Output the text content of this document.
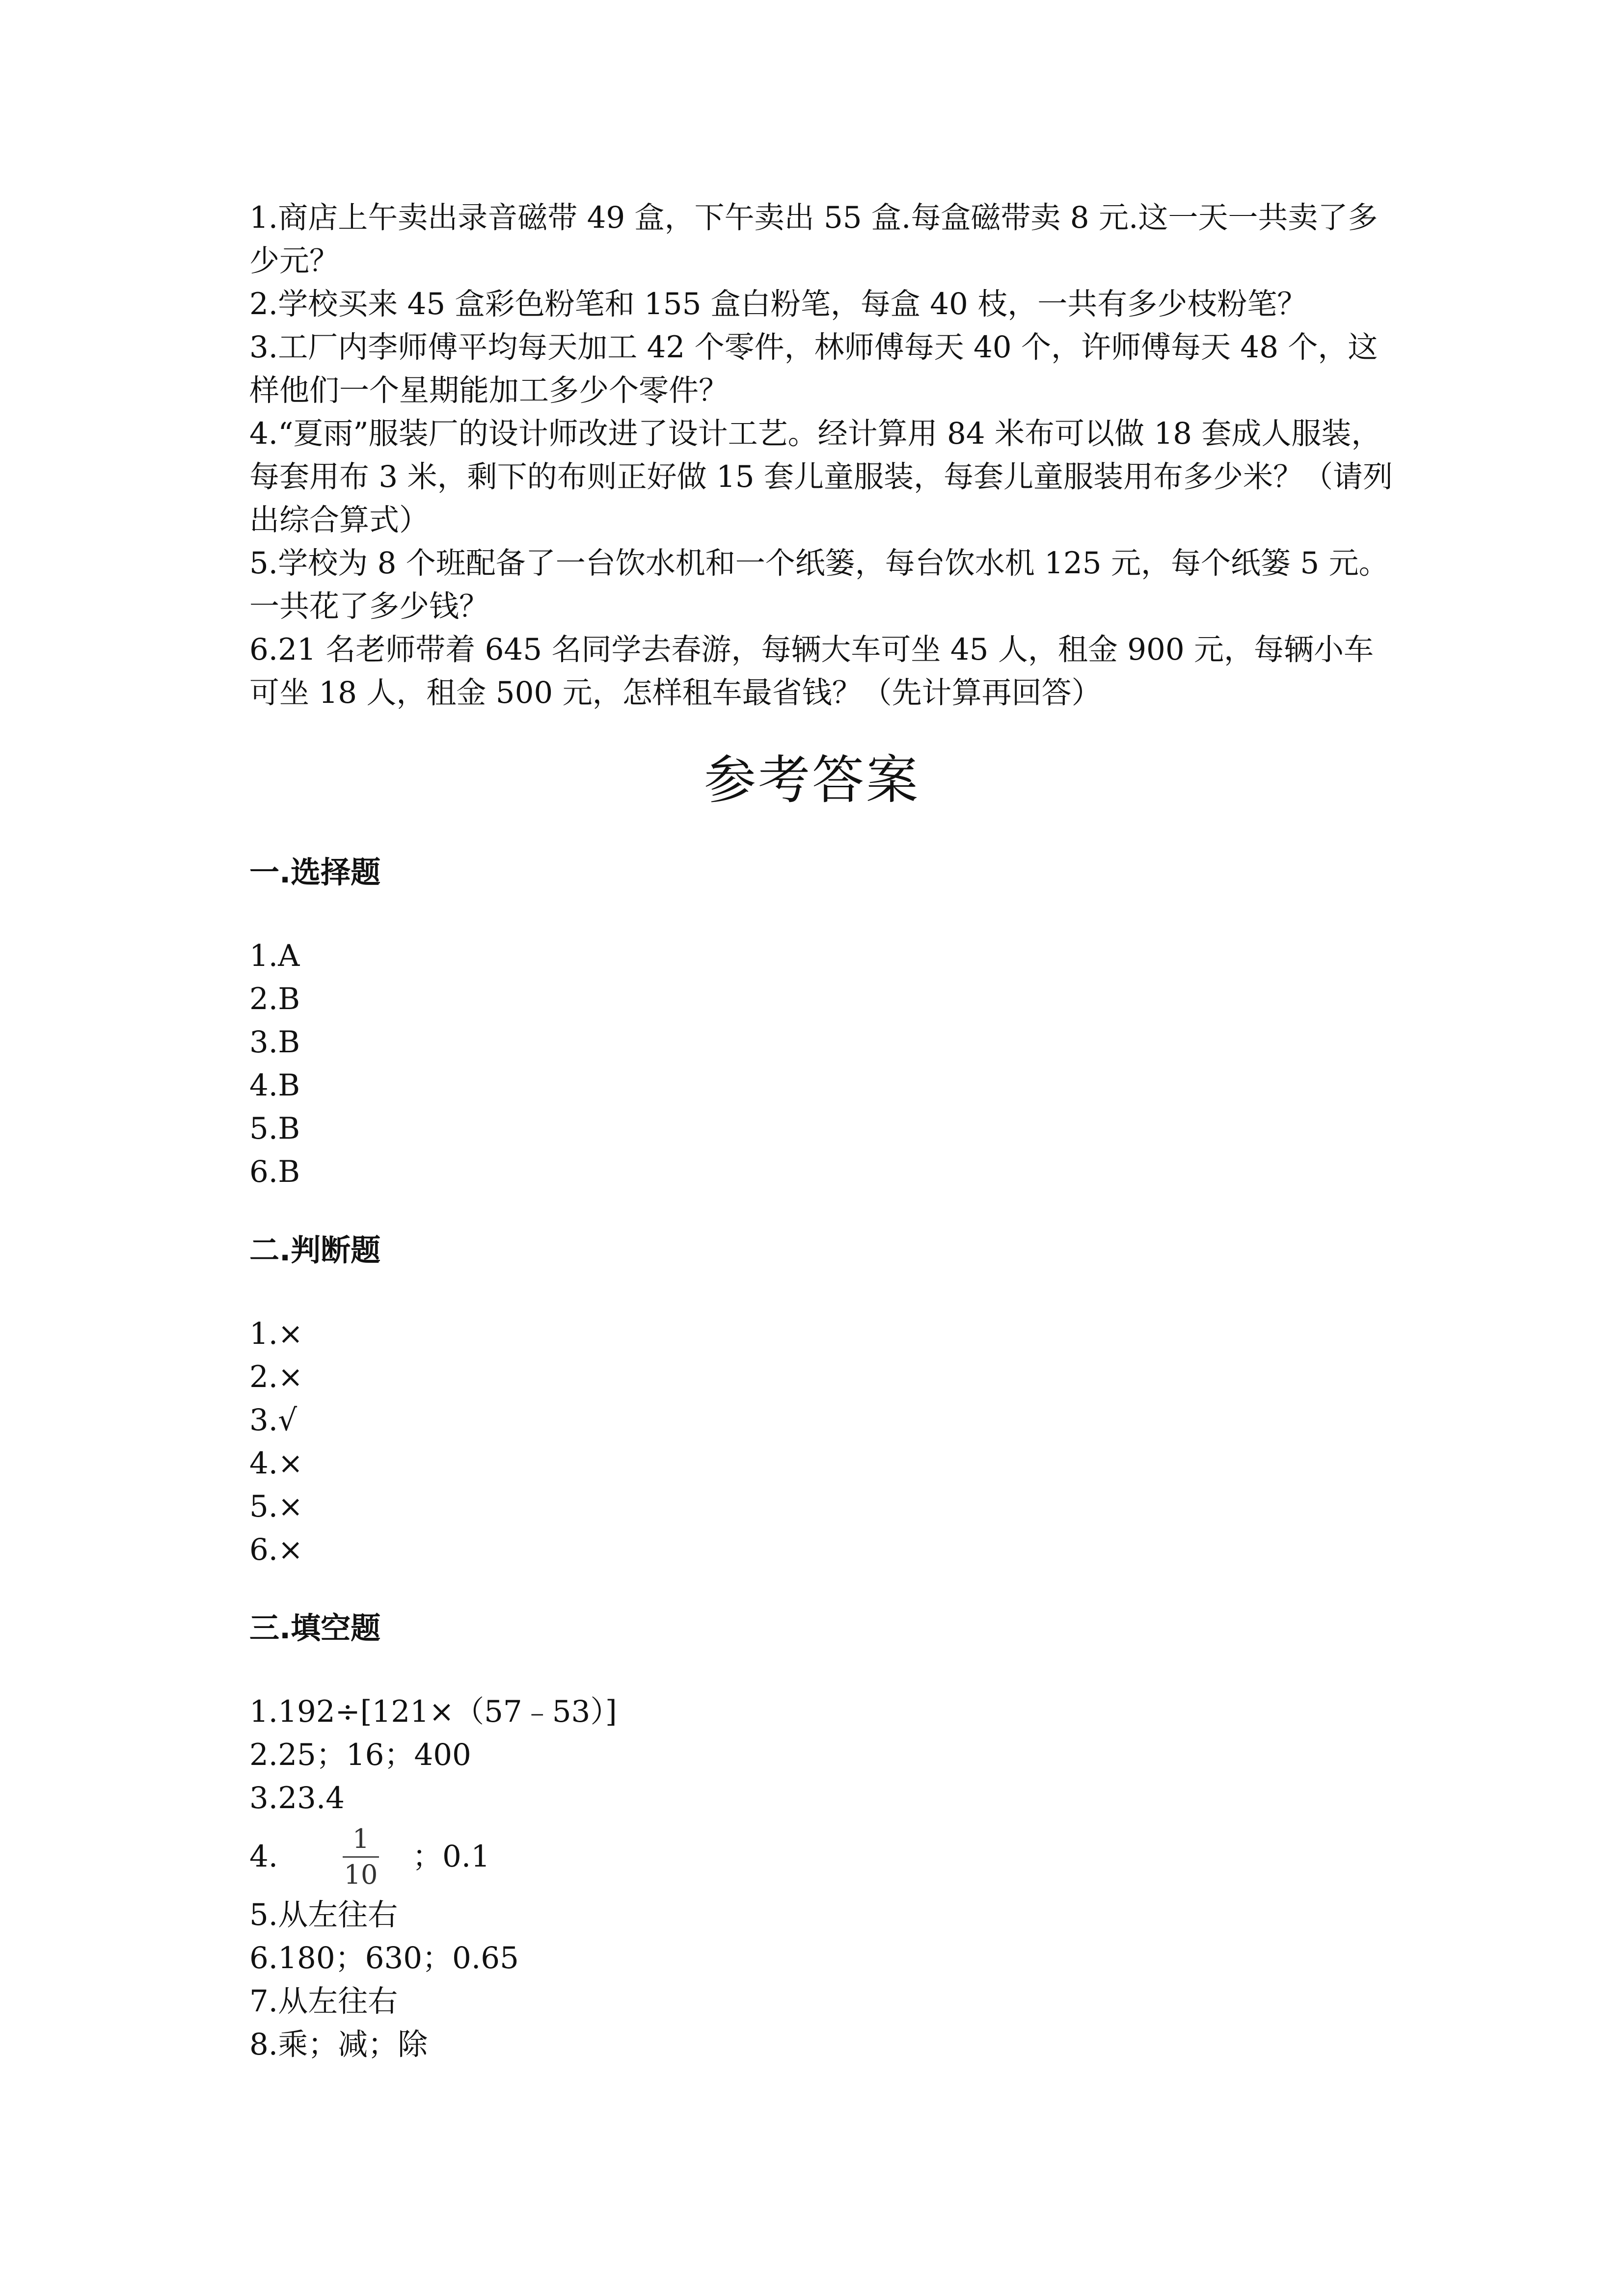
1.商店上午卖出录音磁带 49 盒，下午卖出 55 盒.每盒磁带卖 8 元.这一天一共卖了多少元？

2.学校买来 45 盒彩色粉笔和 155 盒白粉笔，每盒 40 枝，一共有多少枝粉笔？

3.工厂内李师傅平均每天加工 42 个零件，林师傅每天 40 个，许师傅每天 48 个，这样他们一个星期能加工多少个零件？

4.“夏雨”服装厂的设计师改进了设计工艺。经计算用 84 米布可以做 18 套成人服装，每套用布 3 米，剩下的布则正好做 15 套儿童服装，每套儿童服装用布多少米？（请列出综合算式）

5.学校为 8 个班配备了一台饮水机和一个纸篓，每台饮水机 125 元，每个纸篓 5 元。一共花了多少钱？

6.21 名老师带着 645 名同学去春游，每辆大车可坐 45 人，租金 900 元，每辆小车可坐 18 人，租金 500 元，怎样租车最省钱？（先计算再回答）

参考答案
一.选择题
1.A
2.B
3.B
4.B
5.B
6.B
二.判断题
1.×
2.×
3.√
4.×
5.×
6.×
三.填空题
1.192÷[121×（57﹣53）]
2.25；16；400
3.23.4
4.	$\frac{1}{10}$ ；0.1
5.从左往右
6.180；630；0.65
7.从左往右
8.乘；减；除
